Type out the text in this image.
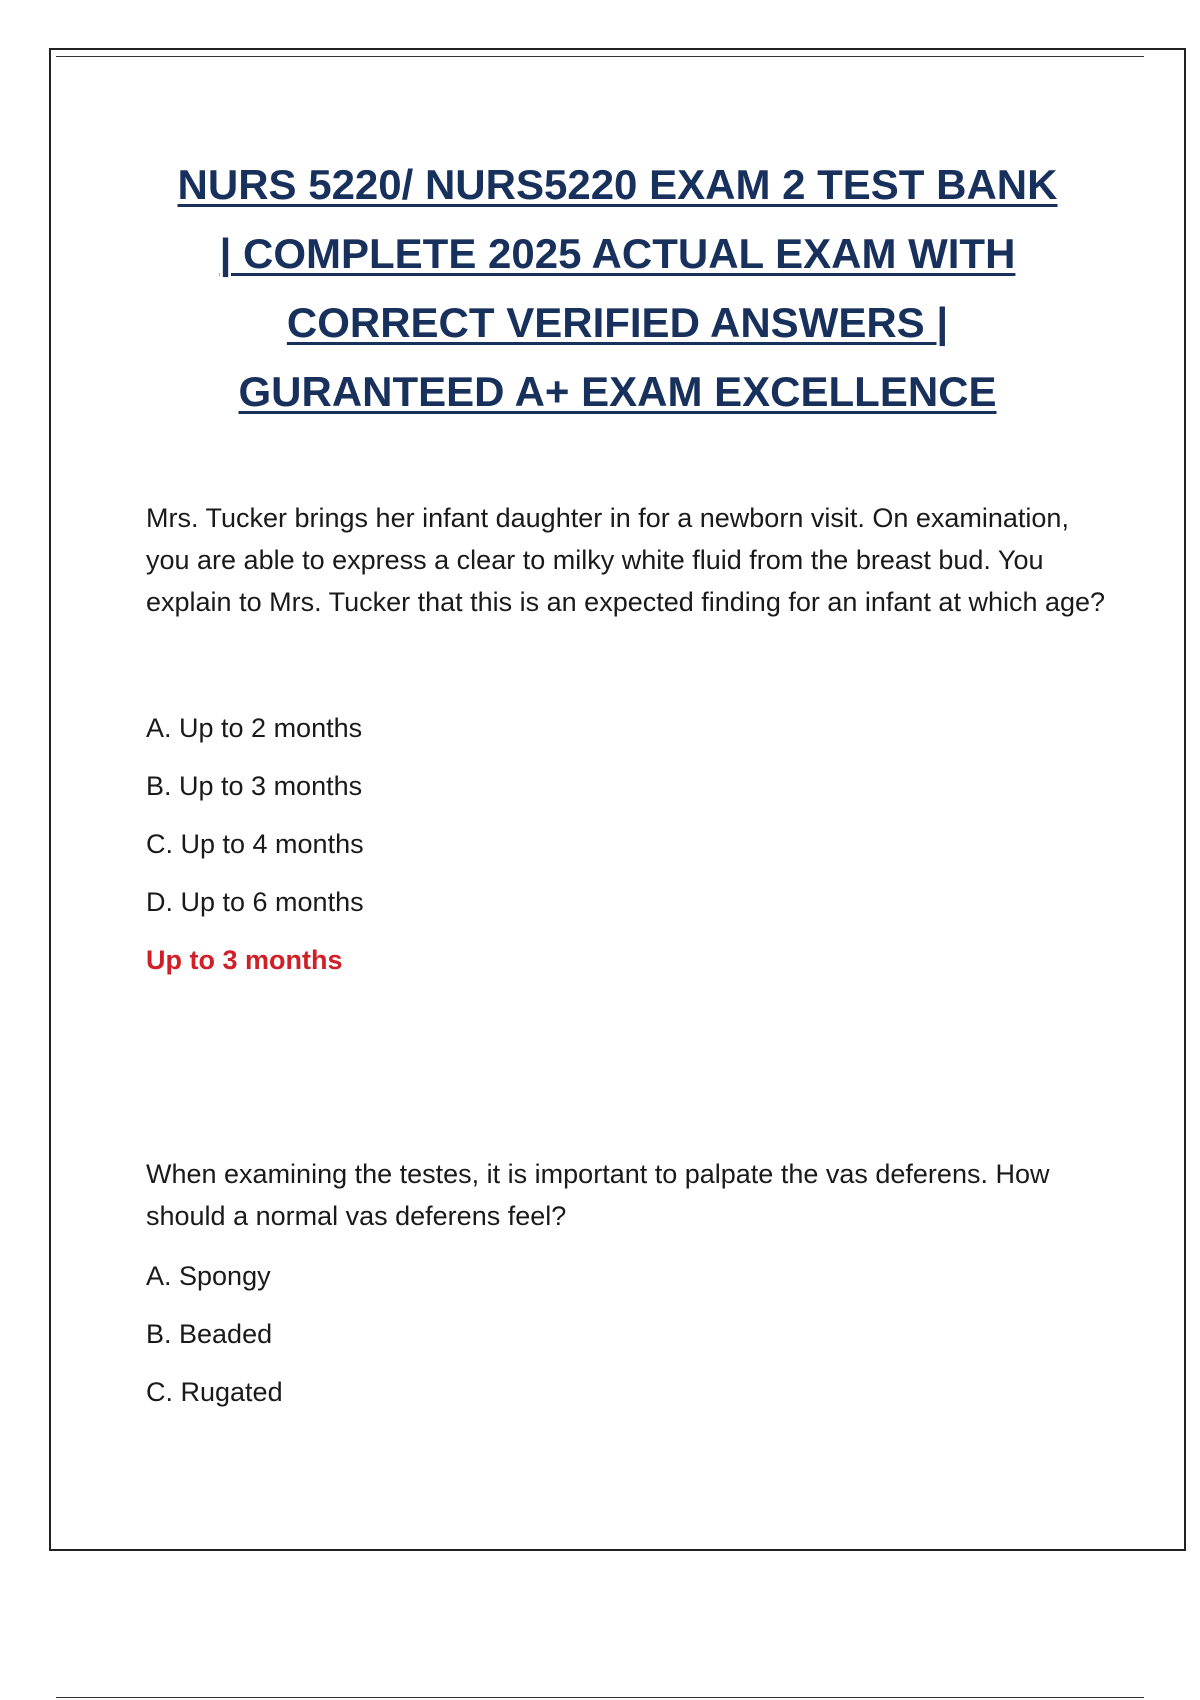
NURS 5220/ NURS5220 EXAM 2 TEST BANK
| COMPLETE 2025 ACTUAL EXAM WITH
CORRECT VERIFIED ANSWERS |
GURANTEED A+ EXAM EXCELLENCE

Mrs. Tucker brings her infant daughter in for a newborn visit. On examination, you are able to express a clear to milky white fluid from the breast bud. You explain to Mrs. Tucker that this is an expected finding for an infant at which age?

A. Up to 2 months
B. Up to 3 months
C. Up to 4 months
D. Up to 6 months
Up to 3 months

When examining the testes, it is important to palpate the vas deferens. How should a normal vas deferens feel?

A. Spongy
B. Beaded
C. Rugated
